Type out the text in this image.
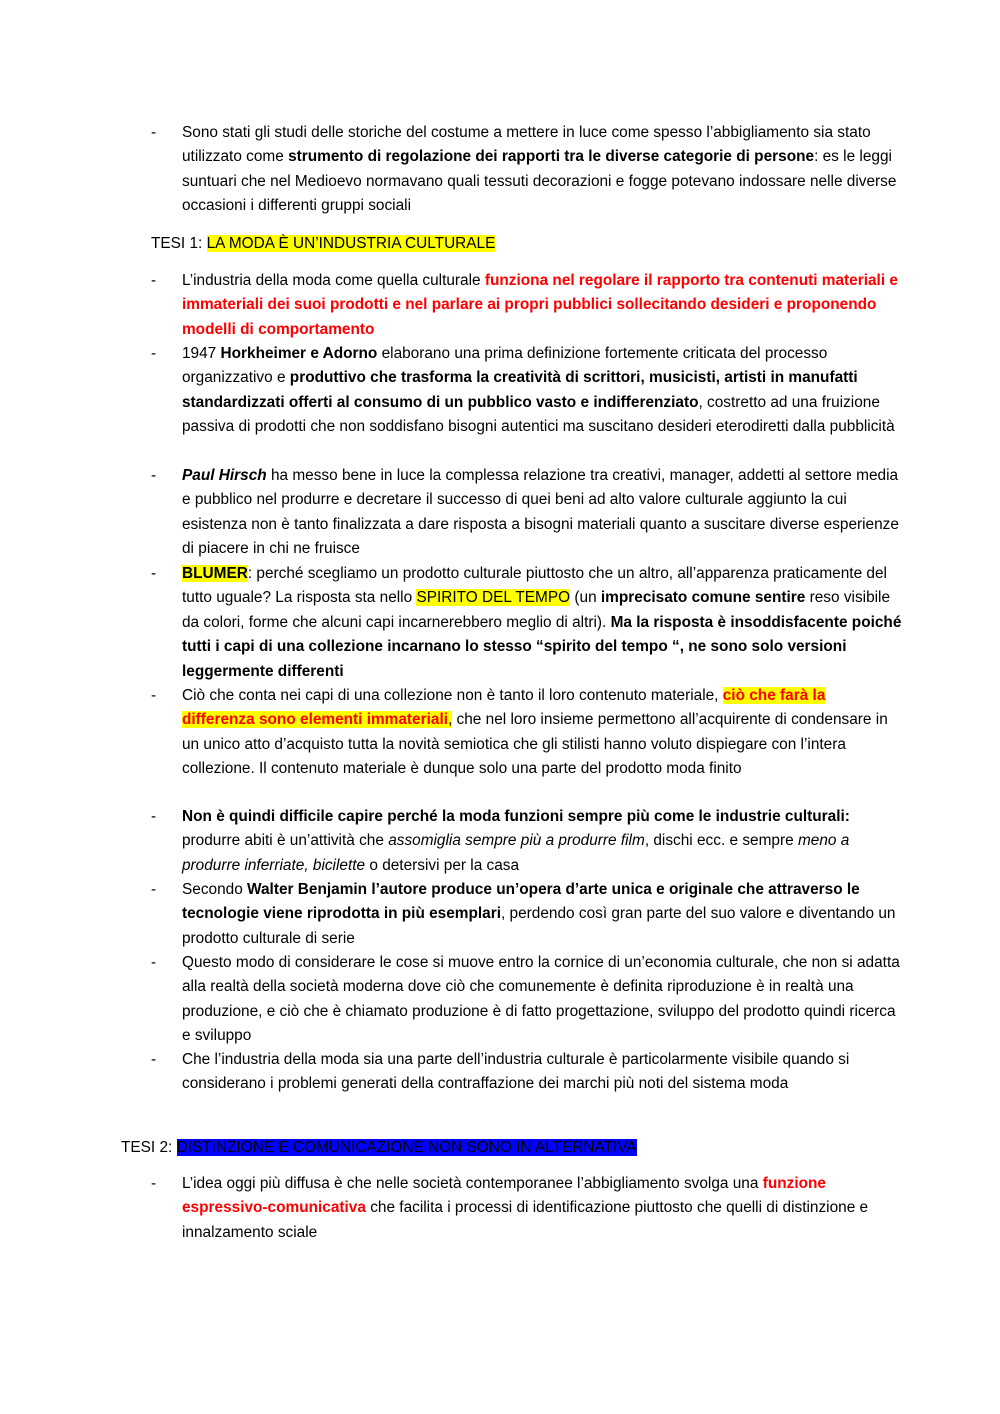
- Sono stati gli studi delle storiche del costume a mettere in luce come spesso l’abbigliamento sia stato utilizzato come strumento di regolazione dei rapporti tra le diverse categorie di persone: es le leggi suntuari che nel Medioevo normavano quali tessuti decorazioni e fogge potevano indossare nelle diverse occasioni i differenti gruppi sociali
TESI 1: LA MODA È UN’INDUSTRIA CULTURALE
- L’industria della moda come quella culturale funziona nel regolare il rapporto tra contenuti materiali e immateriali dei suoi prodotti e nel parlare ai propri pubblici sollecitando desideri e proponendo modelli di comportamento
- 1947 Horkheimer e Adorno elaborano una prima definizione fortemente criticata del processo organizzativo e produttivo che trasforma la creatività di scrittori, musicisti, artisti in manufatti standardizzati offerti al consumo di un pubblico vasto e indifferenziato, costretto ad una fruizione passiva di prodotti che non soddisfano bisogni autentici ma suscitano desideri eterodiretti dalla pubblicità
- Paul Hirsch ha messo bene in luce la complessa relazione tra creativi, manager, addetti al settore media e pubblico nel produrre e decretare il successo di quei beni ad alto valore culturale aggiunto la cui esistenza non è tanto finalizzata a dare risposta a bisogni materiali quanto a suscitare diverse esperienze di piacere in chi ne fruisce
- BLUMER: perché scegliamo un prodotto culturale piuttosto che un altro, all’apparenza praticamente del tutto uguale? La risposta sta nello SPIRITO DEL TEMPO (un imprecisato comune sentire reso visibile da colori, forme che alcuni capi incarnerebbero meglio di altri). Ma la risposta è insoddisfacente poiché tutti i capi di una collezione incarnano lo stesso “spirito del tempo “, ne sono solo versioni leggermente differenti
- Ciò che conta nei capi di una collezione non è tanto il loro contenuto materiale, ciò che farà la differenza sono elementi immateriali, che nel loro insieme permettono all’acquirente di condensare in un unico atto d’acquisto tutta la novità semiotica che gli stilisti hanno voluto dispiegare con l’intera collezione. Il contenuto materiale è dunque solo una parte del prodotto moda finito
- Non è quindi difficile capire perché la moda funzioni sempre più come le industrie culturali: produrre abiti è un’attività che assomiglia sempre più a produrre film, dischi ecc. e sempre meno a produrre inferriate, bicilette o detersivi per la casa
- Secondo Walter Benjamin l’autore produce un’opera d’arte unica e originale che attraverso le tecnologie viene riprodotta in più esemplari, perdendo così gran parte del suo valore e diventando un prodotto culturale di serie
- Questo modo di considerare le cose si muove entro la cornice di un’economia culturale, che non si adatta alla realtà della società moderna dove ciò che comunemente è definita riproduzione è in realtà una produzione, e ciò che è chiamato produzione è di fatto progettazione, sviluppo del prodotto quindi ricerca e sviluppo
- Che l’industria della moda sia una parte dell’industria culturale è particolarmente visibile quando si considerano i problemi generati della contraffazione dei marchi più noti del sistema moda
TESI 2: DISTINZIONE E COMUNICAZIONE NON SONO IN ALTERNATIVA
- L’idea oggi più diffusa è che nelle società contemporanee l’abbigliamento svolga una funzione espressivo-comunicativa che facilita i processi di identificazione piuttosto che quelli di distinzione e innalzamento sciale
